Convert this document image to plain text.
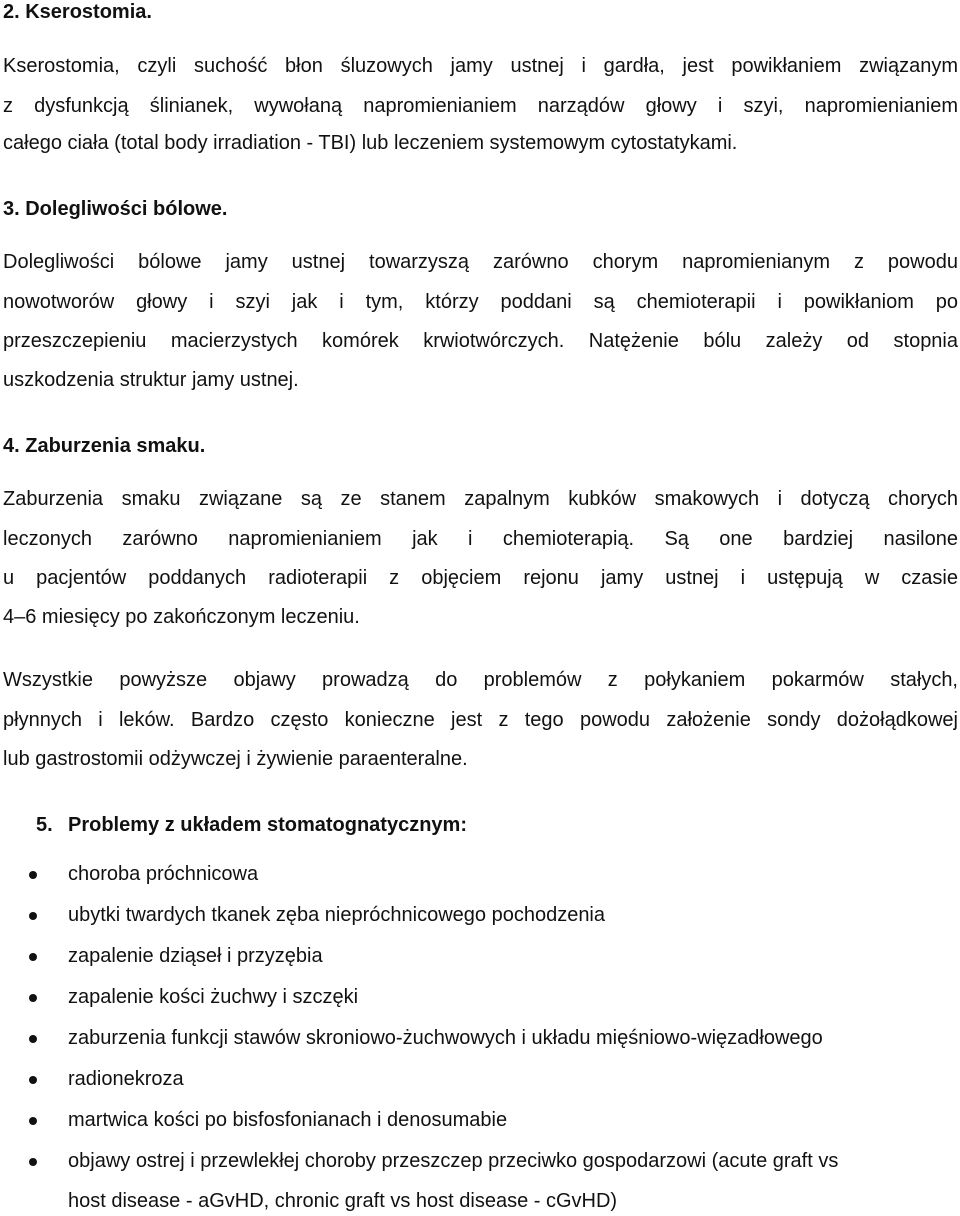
2. Kserostomia.
Kserostomia, czyli suchość błon śluzowych jamy ustnej i gardła, jest powikłaniem związanym
z dysfunkcją ślinianek, wywołaną napromienianiem narządów głowy i szyi, napromienianiem
całego ciała (total body irradiation - TBI) lub leczeniem systemowym cytostatykami.
3. Dolegliwości bólowe.
Dolegliwości bólowe jamy ustnej towarzyszą zarówno chorym napromienianym z powodu
nowotworów głowy i szyi jak i tym, którzy poddani są chemioterapii i powikłaniom po
przeszczepieniu macierzystych komórek krwiotwórczych. Natężenie bólu zależy od stopnia
uszkodzenia struktur jamy ustnej.
4. Zaburzenia smaku.
Zaburzenia smaku związane są ze stanem zapalnym kubków smakowych i dotyczą chorych
leczonych zarówno napromienianiem jak i chemioterapią. Są one bardziej nasilone
u pacjentów poddanych radioterapii z objęciem rejonu jamy ustnej i ustępują w czasie
4–6 miesięcy po zakończonym leczeniu.
Wszystkie powyższe objawy prowadzą do problemów z połykaniem pokarmów stałych,
płynnych i leków. Bardzo często konieczne jest z tego powodu założenie sondy dożołądkowej
lub gastrostomii odżywczej i żywienie paraenteralne.
5. Problemy z układem stomatognatycznym:
choroba próchnicowa
ubytki twardych tkanek zęba niepróchnicowego pochodzenia
zapalenie dziąseł i przyzębia
zapalenie kości żuchwy i szczęki
zaburzenia funkcji stawów skroniowo-żuchwowych i układu mięśniowo-więzadłowego
radionekroza
martwica kości po bisfosfonianach i denosumabie
objawy ostrej i przewlekłej choroby przeszczep przeciwko gospodarzowi (acute graft vs
host disease - aGvHD, chronic graft vs host disease - cGvHD)
